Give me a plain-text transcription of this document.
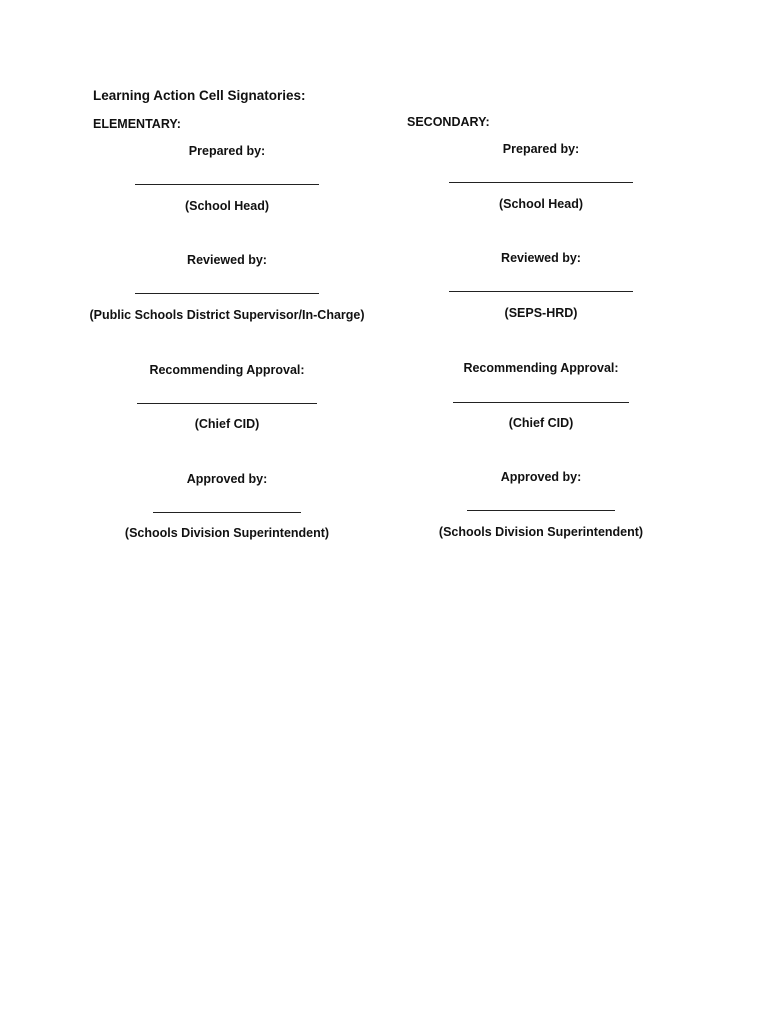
Learning Action Cell Signatories:
ELEMENTARY:
Prepared by:
(School Head)
Reviewed by:
(Public Schools District Supervisor/In-Charge)
Recommending Approval:
(Chief CID)
Approved by:
(Schools Division Superintendent)
SECONDARY:
Prepared by:
(School Head)
Reviewed by:
(SEPS-HRD)
Recommending Approval:
(Chief CID)
Approved by:
(Schools Division Superintendent)
